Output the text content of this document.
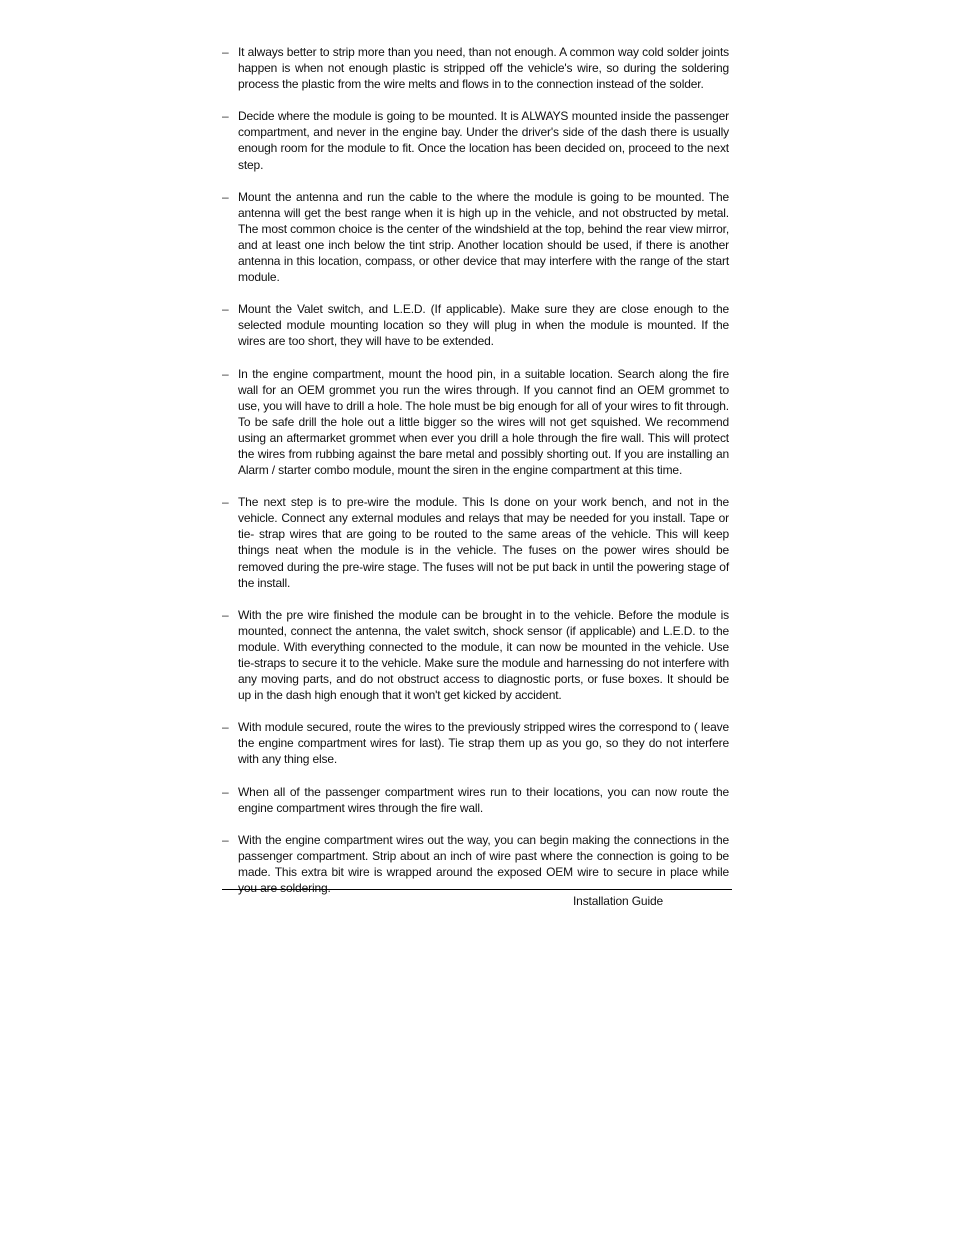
– It always better to strip more than you need, than not enough. A common way cold solder joints happen is when not enough plastic is stripped off the vehicle's wire, so during the soldering process the plastic from the wire melts and flows in to the connection instead of the solder.

– Decide where the module is going to be mounted. It is ALWAYS mounted inside the passenger compartment, and never in the engine bay. Under the driver's side of the dash there is usually enough room for the module to fit. Once the location has been decided on, proceed to the next step.

– Mount the antenna and run the cable to the where the module is going to be mounted. The antenna will get the best range when it is high up in the vehicle, and not obstructed by metal. The most common choice is the center of the windshield at the top, behind the rear view mirror, and at least one inch below the tint strip. Another location should be used, if there is another antenna in this location, compass, or other device that may interfere with the range of the start module.

– Mount the Valet switch, and L.E.D. (If applicable). Make sure they are close enough to the selected module mounting location so they will plug in when the module is mounted. If the wires are too short, they will have to be extended.

– In the engine compartment, mount the hood pin, in a suitable location. Search along the fire wall for an OEM grommet you run the wires through. If you cannot find an OEM grommet to use, you will have to drill a hole. The hole must be big enough for all of your wires to fit through. To be safe drill the hole out a little bigger so the wires will not get squished. We recommend using an aftermarket grommet when ever you drill a hole through the fire wall. This will protect the wires from rubbing against the bare metal and possibly shorting out. If you are installing an Alarm / starter combo module, mount the siren in the engine compartment at this time.

– The next step is to pre-wire the module. This Is done on your work bench, and not in the vehicle. Connect any external modules and relays that may be needed for you install. Tape or tie- strap wires that are going to be routed to the same areas of the vehicle. This will keep things neat when the module is in the vehicle. The fuses on the power wires should be removed during the pre-wire stage. The fuses will not be put back in until the powering stage of the install.

– With the pre wire finished the module can be brought in to the vehicle. Before the module is mounted, connect the antenna, the valet switch, shock sensor (if applicable) and L.E.D. to the module. With everything connected to the module, it can now be mounted in the vehicle. Use tie-straps to secure it to the vehicle. Make sure the module and harnessing do not interfere with any moving parts, and do not obstruct access to diagnostic ports, or fuse boxes. It should be up in the dash high enough that it won't get kicked by accident.

– With module secured, route the wires to the previously stripped wires the correspond to ( leave the engine compartment wires for last). Tie strap them up as you go, so they do not interfere with any thing else.

– When all of the passenger compartment wires run to their locations, you can now route the engine compartment wires through the fire wall.

– With the engine compartment wires out the way, you can begin making the connections in the passenger compartment. Strip about an inch of wire past where the connection is going to be made. This extra bit wire is wrapped around the exposed OEM wire to secure in place while you are soldering.

Installation Guide
